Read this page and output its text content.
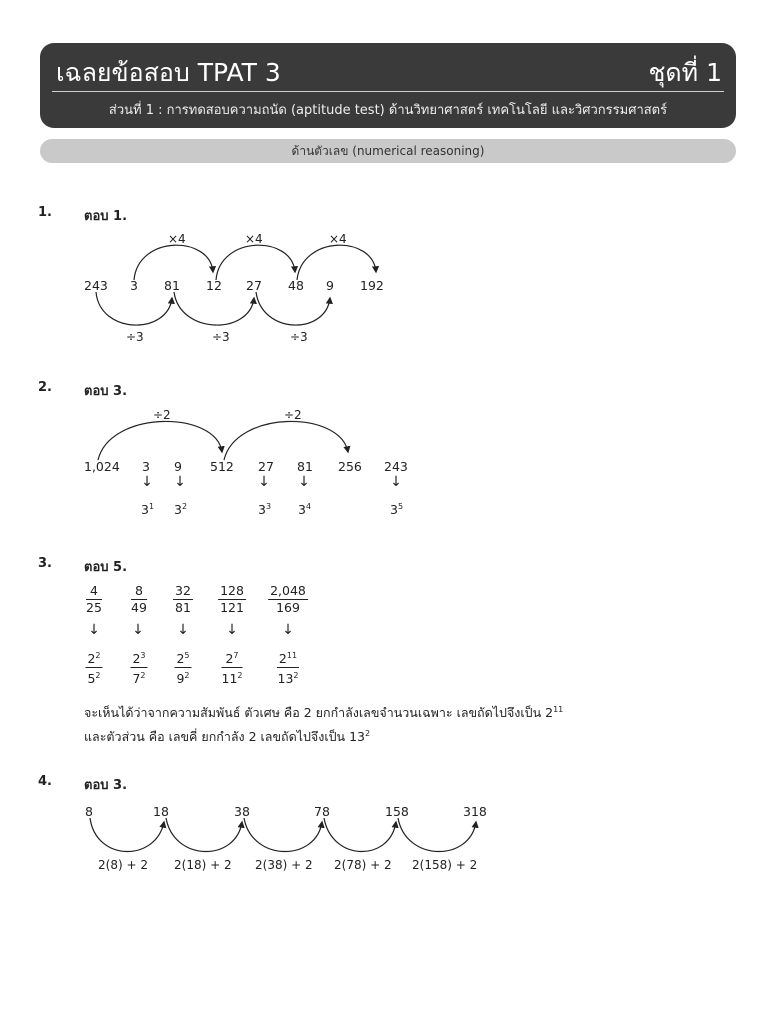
เฉลยข้อสอบ TPAT 3	ชุดที่ 1
ส่วนที่ 1 : การทดสอบความถนัด (aptitude test) ด้านวิทยาศาสตร์ เทคโนโลยี และวิศวกรรมศาสตร์
ด้านตัวเลข (numerical reasoning)
1. ตอบ 1.
×4	×4	×4
243 3 81 12 27 48 9 192
÷3	÷3	÷3
2. ตอบ 3.
÷2	÷2
1,024 3 9 512 27 81 256 243
↓ ↓	↓ ↓	↓
$3^1$ $3^2$	$3^3$ $3^4$	$3^5$
3. ตอบ 5.
$\frac{4}{25} \frac{8}{49} \frac{32}{81} \frac{128}{121} \frac{2,048}{169}$
↓ ↓ ↓	↓	↓
$\frac{2^2}{5^2} \frac{2^3}{7^2} \frac{2^5}{9^2} \frac{2^7}{11^2}$	$\frac{2^{11}}{13^2}$
จะเห็นได้ว่าจากความสัมพันธ์ ตัวเศษ คือ 2 ยกกำลังเลขจำนวนเฉพาะ เลขถัดไปจึงเป็น $2^{11}$
และตัวส่วน คือ เลขคี่ ยกกำลัง 2 เลขถัดไปจึงเป็น $13^2$
4. ตอบ 3.
8	18	38	78	158	318
2(8) + 2 2(18) + 2 2(38) + 2 2(78) + 2 2(158) + 2
